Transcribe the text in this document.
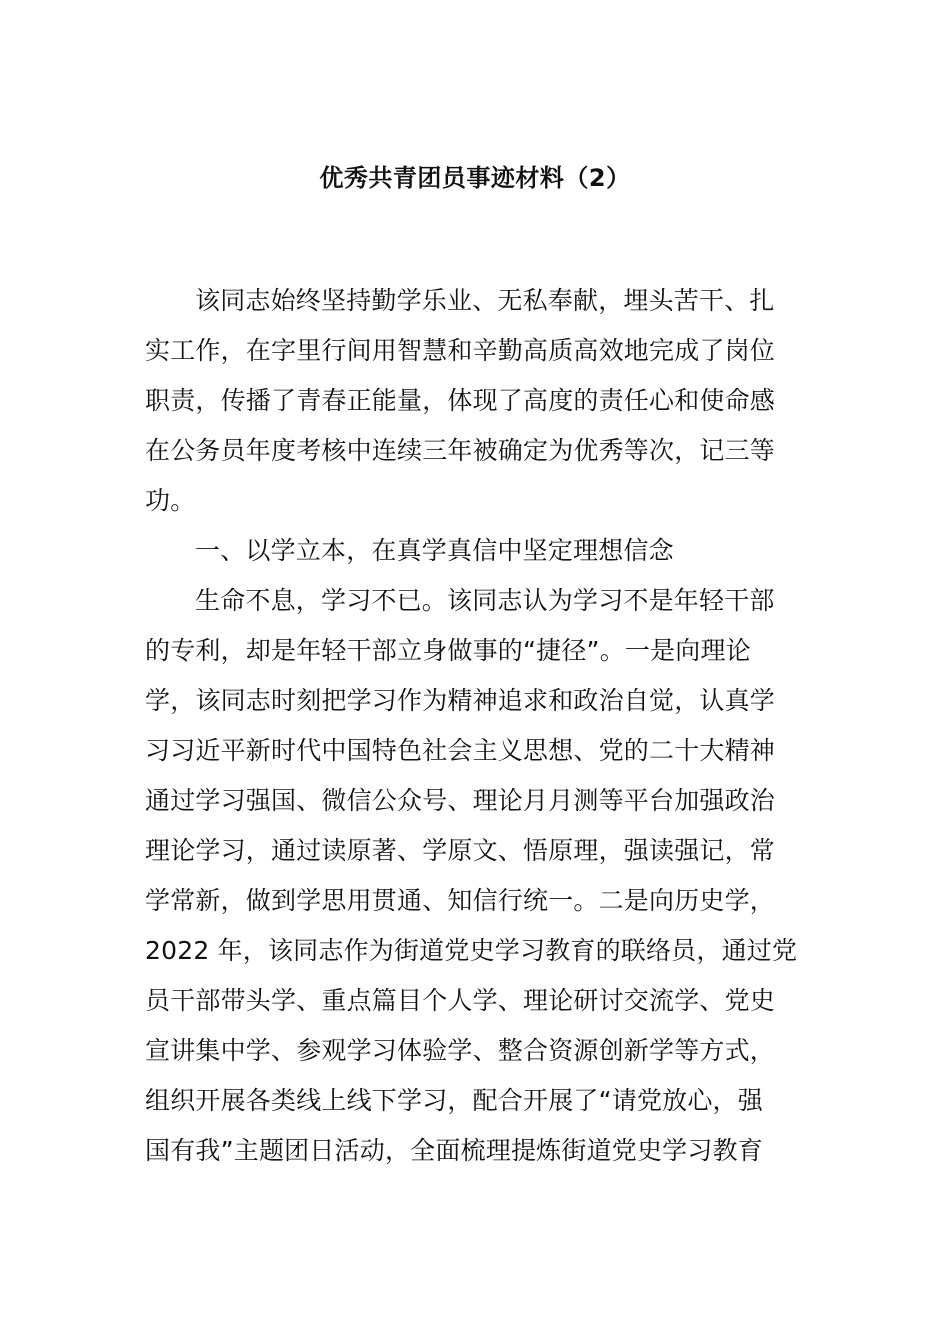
优秀共青团员事迹材料（2）
该同志始终坚持勤学乐业、无私奉献，埋头苦干、扎
实工作，在字里行间用智慧和辛勤高质高效地完成了岗位
职责，传播了青春正能量，体现了高度的责任心和使命感
在公务员年度考核中连续三年被确定为优秀等次，记三等
功。
一、以学立本，在真学真信中坚定理想信念
生命不息，学习不已。该同志认为学习不是年轻干部
的专利，却是年轻干部立身做事的“捷径”。一是向理论
学，该同志时刻把学习作为精神追求和政治自觉，认真学
习习近平新时代中国特色社会主义思想、党的二十大精神
通过学习强国、微信公众号、理论月月测等平台加强政治
理论学习，通过读原著、学原文、悟原理，强读强记，常
学常新，做到学思用贯通、知信行统一。二是向历史学，
2022 年，该同志作为街道党史学习教育的联络员，通过党
员干部带头学、重点篇目个人学、理论研讨交流学、党史
宣讲集中学、参观学习体验学、整合资源创新学等方式，
组织开展各类线上线下学习，配合开展了“请党放心，强
国有我”主题团日活动，全面梳理提炼街道党史学习教育
